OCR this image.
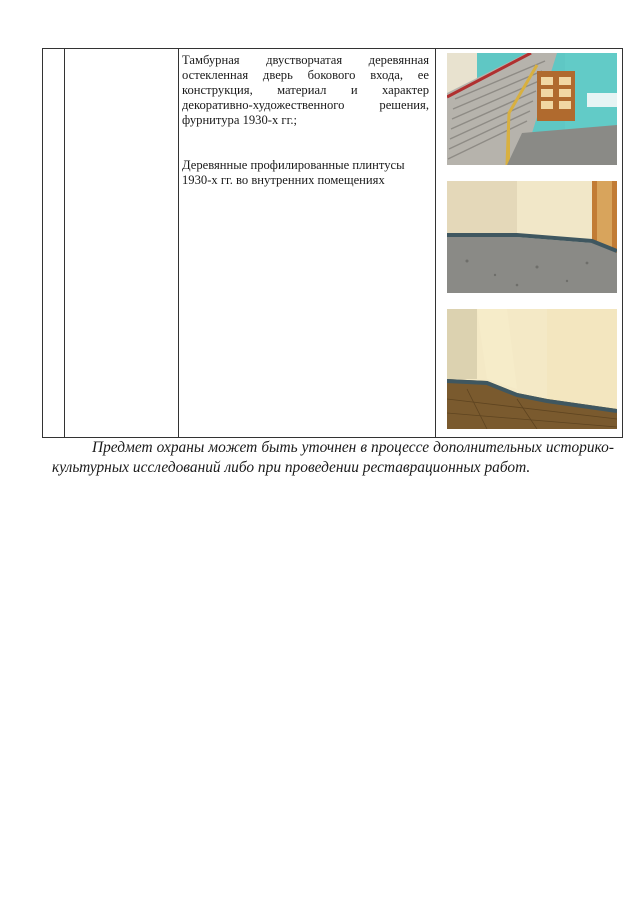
Тамбурная двустворчатая деревянная остекленная дверь бокового входа, ее конструкция, материал и характер декоративно-художественного решения, фурнитура 1930-х гг.;

Деревянные профилированные плинтусы 1930-х гг. во внутренних помещениях

Предмет охраны может быть уточнен в процессе дополнительных историко-культурных исследований либо при проведении реставрационных работ.
